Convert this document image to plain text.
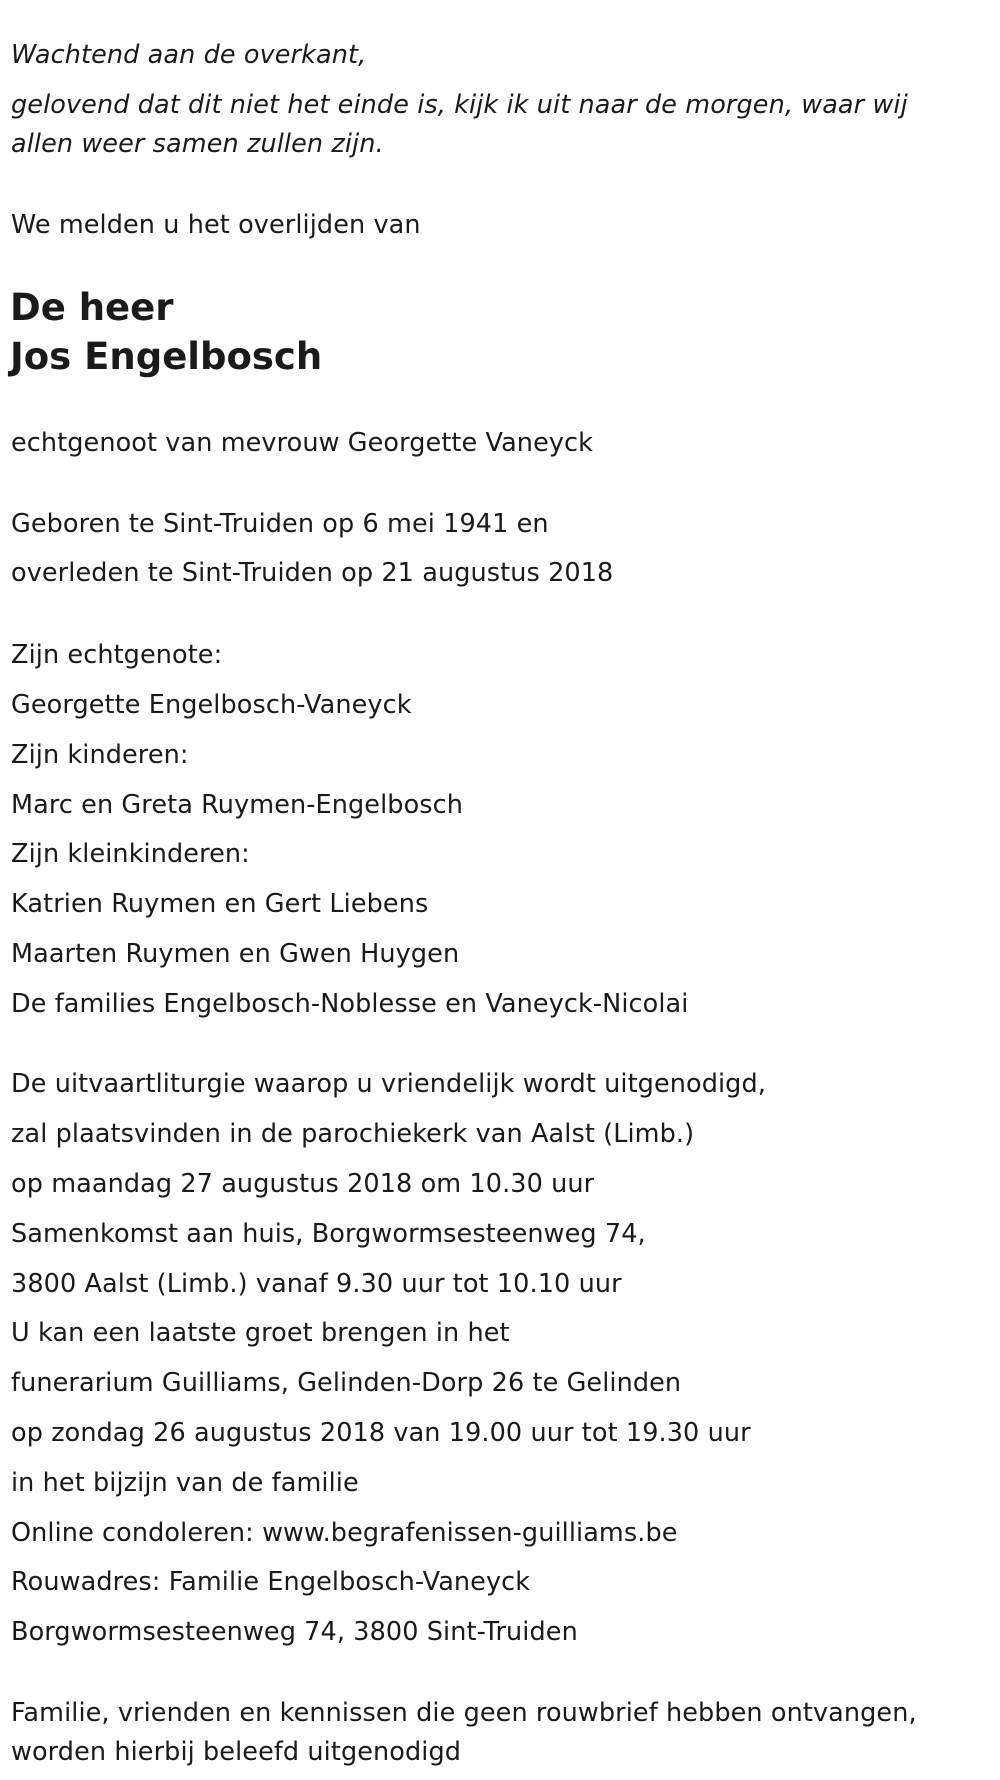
Wachtend aan de overkant,
gelovend dat dit niet het einde is, kijk ik uit naar de morgen, waar wij
allen weer samen zullen zijn.
We melden u het overlijden van
De heer
Jos Engelbosch
echtgenoot van mevrouw Georgette Vaneyck
Geboren te Sint-Truiden op 6 mei 1941 en
overleden te Sint-Truiden op 21 augustus 2018
Zijn echtgenote:
Georgette Engelbosch-Vaneyck
Zijn kinderen:
Marc en Greta Ruymen-Engelbosch
Zijn kleinkinderen:
Katrien Ruymen en Gert Liebens
Maarten Ruymen en Gwen Huygen
De families Engelbosch-Noblesse en Vaneyck-Nicolai
De uitvaartliturgie waarop u vriendelijk wordt uitgenodigd,
zal plaatsvinden in de parochiekerk van Aalst (Limb.)
op maandag 27 augustus 2018 om 10.30 uur
Samenkomst aan huis, Borgwormsesteenweg 74,
3800 Aalst (Limb.) vanaf 9.30 uur tot 10.10 uur
U kan een laatste groet brengen in het
funerarium Guilliams, Gelinden-Dorp 26 te Gelinden
op zondag 26 augustus 2018 van 19.00 uur tot 19.30 uur
in het bijzijn van de familie
Online condoleren: www.begrafenissen-guilliams.be
Rouwadres: Familie Engelbosch-Vaneyck
Borgwormsesteenweg 74, 3800 Sint-Truiden
Familie, vrienden en kennissen die geen rouwbrief hebben ontvangen,
worden hierbij beleefd uitgenodigd
